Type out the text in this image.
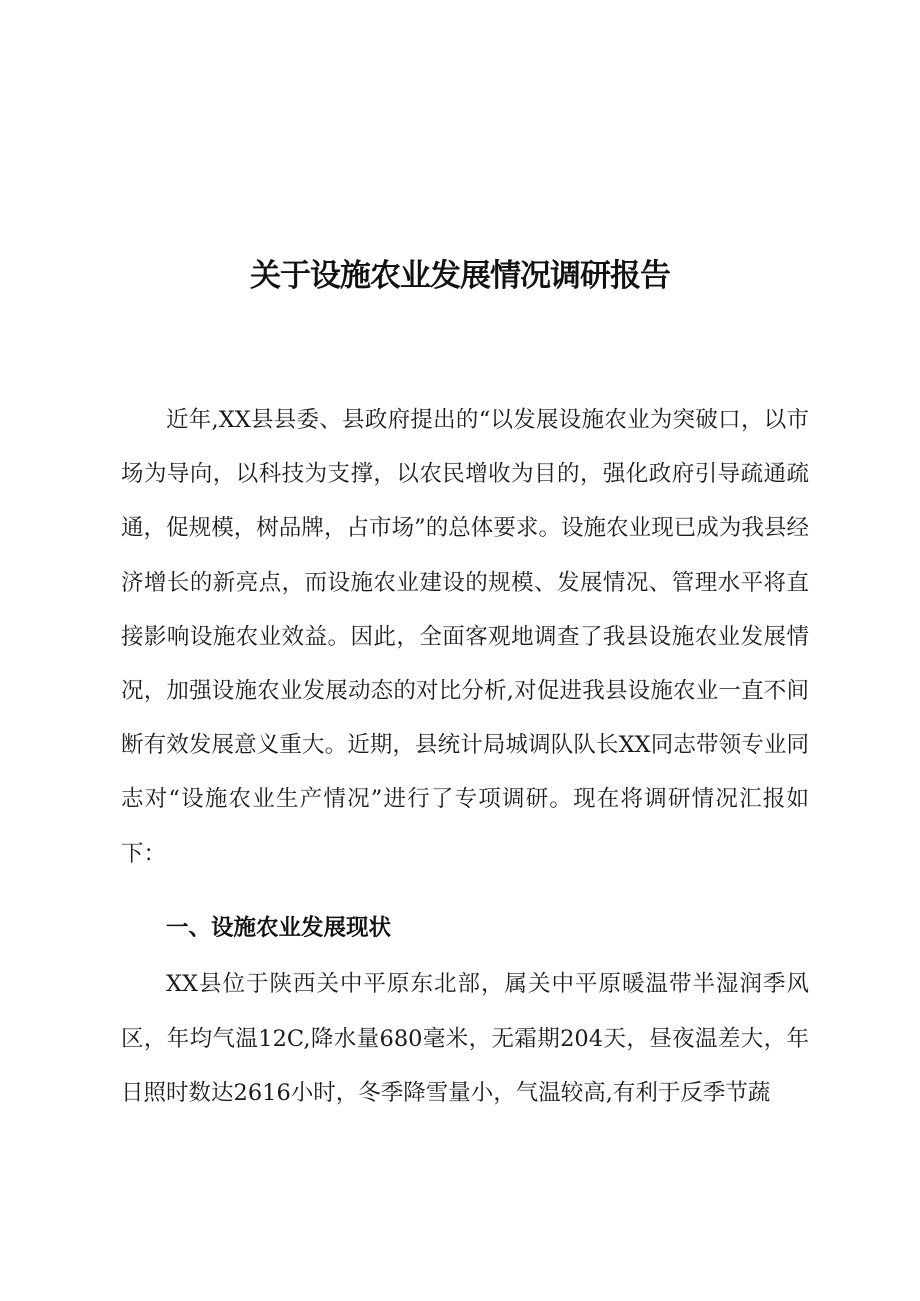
关于设施农业发展情况调研报告

近年,XX县县委、县政府提出的“以发展设施农业为突破口，以市场为导向，以科技为支撑，以农民增收为目的，强化政府引导疏通疏通，促规模，树品牌，占市场”的总体要求。设施农业现已成为我县经济增长的新亮点，而设施农业建设的规模、发展情况、管理水平将直接影响设施农业效益。因此，全面客观地调查了我县设施农业发展情况，加强设施农业发展动态的对比分析,对促进我县设施农业一直不间断有效发展意义重大。近期，县统计局城调队队长XX同志带领专业同志对“设施农业生产情况”进行了专项调研。现在将调研情况汇报如下：

一、设施农业发展现状

XX县位于陕西关中平原东北部，属关中平原暖温带半湿润季风区，年均气温12C,降水量680毫米，无霜期204天，昼夜温差大，年日照时数达2616小时，冬季降雪量小，气温较高,有利于反季节蔬
